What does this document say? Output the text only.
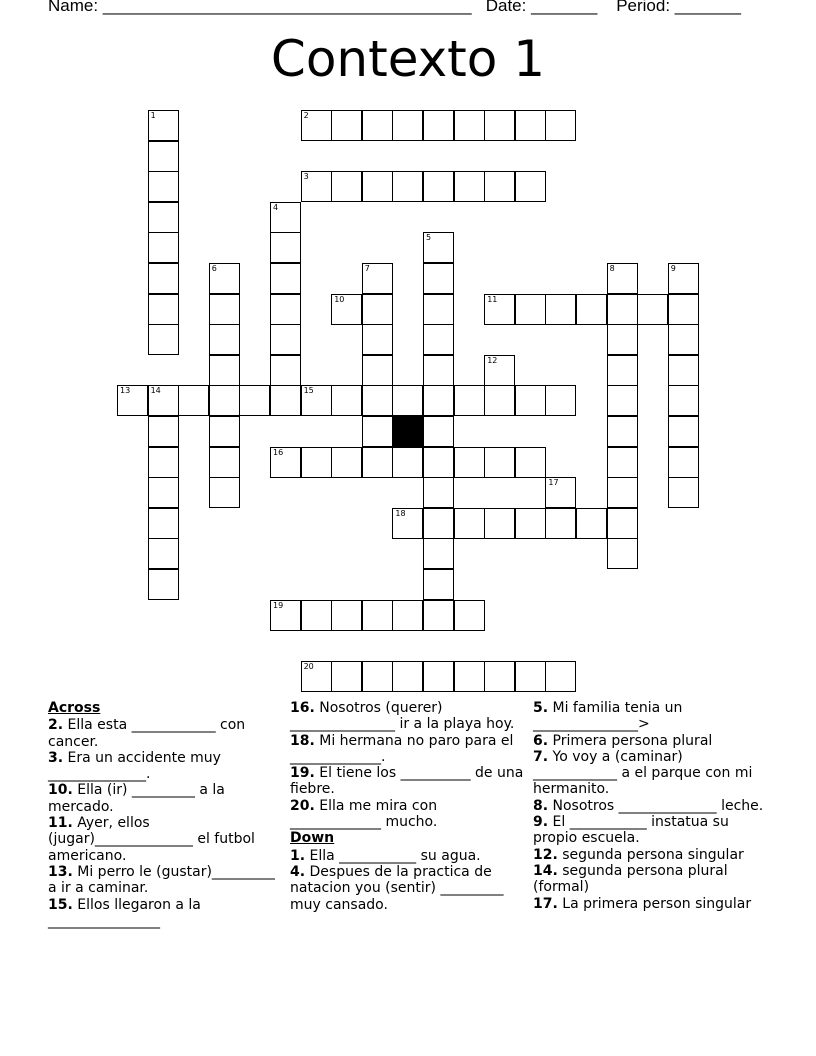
Name: _______________________________________ Date: _______ Period: _______
Contexto 1
1	2
3
4
5
6	7	8	9
10	11
12
13	14	15
16
17
18
19
20
Across
2. Ella esta ____________ con cancer.
3. Era un accidente muy ______________.
10. Ella (ir) _________ a la mercado.
11. Ayer, ellos (jugar)______________ el futbol americano.
13. Mi perro le (gustar)_________ a ir a caminar.
15. Ellos llegaron a la ________________
16. Nosotros (querer) _______________ ir a la playa hoy.
18. Mi hermana no paro para el _____________.
19. El tiene los __________ de una fiebre.
20. Ella me mira con _____________ mucho.
Down
1. Ella ___________ su agua.
4. Despues de la practica de natacion you (sentir) _________ muy cansado.
5. Mi familia tenia un _______________>
6. Primera persona plural
7. Yo voy a (caminar) ____________ a el parque con mi hermanito.
8. Nosotros ______________ leche.
9. El ___________ instatua su propio escuela.
12. segunda persona singular
14. segunda persona plural (formal)
17. La primera person singular
